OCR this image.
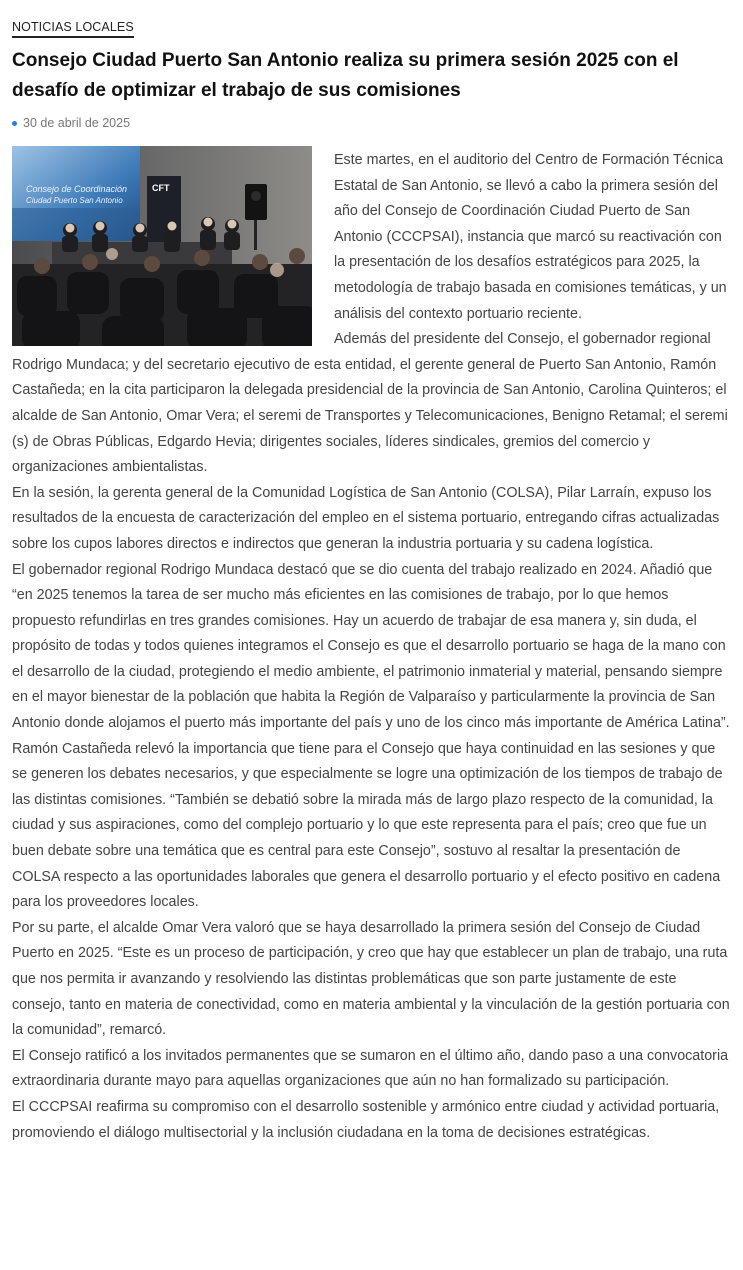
NOTICIAS LOCALES
Consejo Ciudad Puerto San Antonio realiza su primera sesión 2025 con el desafío de optimizar el trabajo de sus comisiones
30 de abril de 2025
Consejo de Coordinación
Ciudad Puerto San Antonio
CFT

Este martes, en el auditorio del Centro de Formación Técnica Estatal de San Antonio, se llevó a cabo la primera sesión del año del Consejo de Coordinación Ciudad Puerto de San Antonio (CCCPSAI), instancia que marcó su reactivación con la presentación de los desafíos estratégicos para 2025, la metodología de trabajo basada en comisiones temáticas, y un análisis del contexto portuario reciente.

Además del presidente del Consejo, el gobernador regional Rodrigo Mundaca; y del secretario ejecutivo de esta entidad, el gerente general de Puerto San Antonio, Ramón Castañeda; en la cita participaron la delegada presidencial de la provincia de San Antonio, Carolina Quinteros; el alcalde de San Antonio, Omar Vera; el seremi de Transportes y Telecomunicaciones, Benigno Retamal; el seremi (s) de Obras Públicas, Edgardo Hevia; dirigentes sociales, líderes sindicales, gremios del comercio y organizaciones ambientalistas.

En la sesión, la gerenta general de la Comunidad Logística de San Antonio (COLSA), Pilar Larraín, expuso los resultados de la encuesta de caracterización del empleo en el sistema portuario, entregando cifras actualizadas sobre los cupos labores directos e indirectos que generan la industria portuaria y su cadena logística.

El gobernador regional Rodrigo Mundaca destacó que se dio cuenta del trabajo realizado en 2024. Añadió que “en 2025 tenemos la tarea de ser mucho más eficientes en las comisiones de trabajo, por lo que hemos propuesto refundirlas en tres grandes comisiones. Hay un acuerdo de trabajar de esa manera y, sin duda, el propósito de todas y todos quienes integramos el Consejo es que el desarrollo portuario se haga de la mano con el desarrollo de la ciudad, protegiendo el medio ambiente, el patrimonio inmaterial y material, pensando siempre en el mayor bienestar de la población que habita la Región de Valparaíso y particularmente la provincia de San Antonio donde alojamos el puerto más importante del país y uno de los cinco más importante de América Latina”.

Ramón Castañeda relevó la importancia que tiene para el Consejo que haya continuidad en las sesiones y que se generen los debates necesarios, y que especialmente se logre una optimización de los tiempos de trabajo de las distintas comisiones. “También se debatió sobre la mirada más de largo plazo respecto de la comunidad, la ciudad y sus aspiraciones, como del complejo portuario y lo que este representa para el país; creo que fue un buen debate sobre una temática que es central para este Consejo”, sostuvo al resaltar la presentación de COLSA respecto a las oportunidades laborales que genera el desarrollo portuario y el efecto positivo en cadena para los proveedores locales.

Por su parte, el alcalde Omar Vera valoró que se haya desarrollado la primera sesión del Consejo de Ciudad Puerto en 2025. “Este es un proceso de participación, y creo que hay que establecer un plan de trabajo, una ruta que nos permita ir avanzando y resolviendo las distintas problemáticas que son parte justamente de este consejo, tanto en materia de conectividad, como en materia ambiental y la vinculación de la gestión portuaria con la comunidad”, remarcó.

El Consejo ratificó a los invitados permanentes que se sumaron en el último año, dando paso a una convocatoria extraordinaria durante mayo para aquellas organizaciones que aún no han formalizado su participación.

El CCCPSAI reafirma su compromiso con el desarrollo sostenible y armónico entre ciudad y actividad portuaria, promoviendo el diálogo multisectorial y la inclusión ciudadana en la toma de decisiones estratégicas.
